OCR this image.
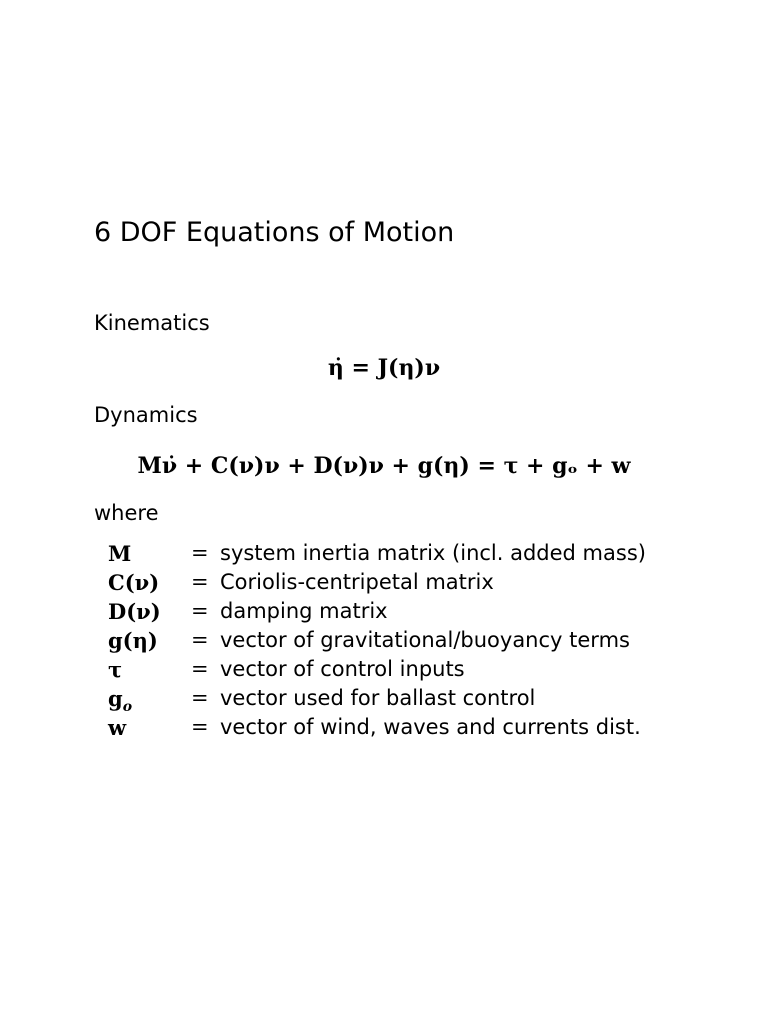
6 DOF Equations of Motion
Kinematics
η̇ = J(η)ν
Dynamics
Mν̇ + C(ν)ν + D(ν)ν + g(η) = τ + gₒ + w
where
M	= system inertia matrix (incl. added mass)
C(ν) = Coriolis-centripetal matrix
D(ν) = damping matrix
g(η) = vector of gravitational/buoyancy terms
τ	= vector of control inputs
$g_o$	= vector used for ballast control
w	= vector of wind, waves and currents dist.
